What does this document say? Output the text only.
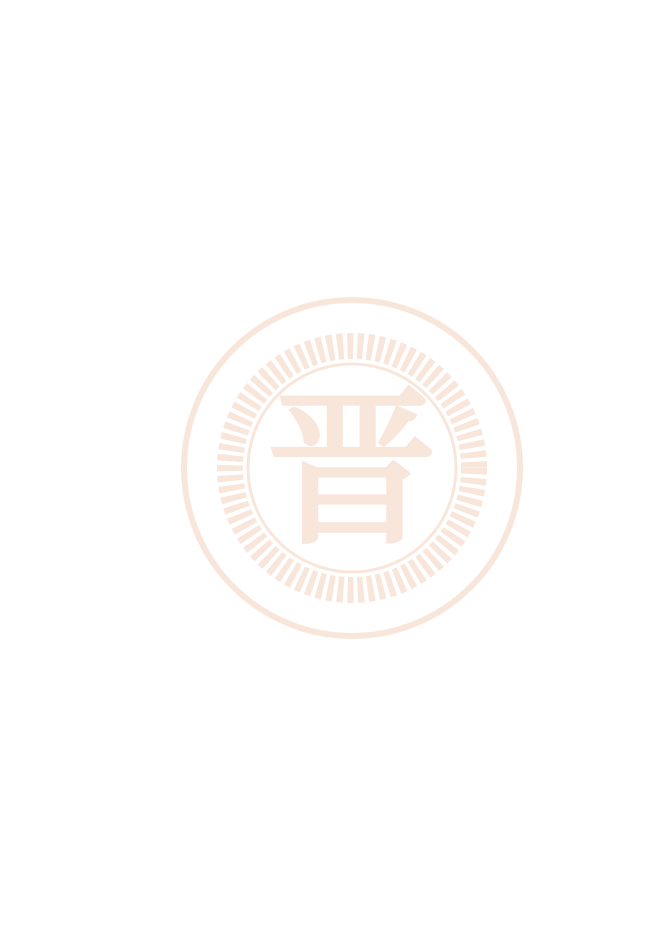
晋
